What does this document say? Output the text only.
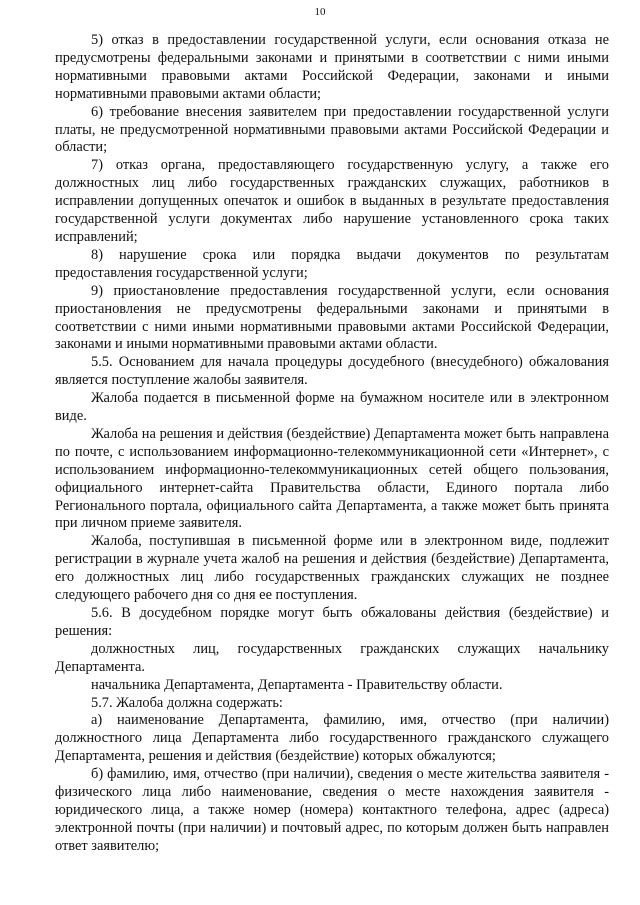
10

5) отказ в предоставлении государственной услуги, если основания отказа не предусмотрены федеральными законами и принятыми в соответствии с ними иными нормативными правовыми актами Российской Федерации, законами и иными нормативными правовыми актами области;

6) требование внесения заявителем при предоставлении государственной услуги платы, не предусмотренной нормативными правовыми актами Российской Федерации и области;

7) отказ органа, предоставляющего государственную услугу, а также его должностных лиц либо государственных гражданских служащих, работников в исправлении допущенных опечаток и ошибок в выданных в результате предоставления государственной услуги документах либо нарушение установленного срока таких исправлений;

8) нарушение срока или порядка выдачи документов по результатам предоставления государственной услуги;

9) приостановление предоставления государственной услуги, если основания приостановления не предусмотрены федеральными законами и принятыми в соответствии с ними иными нормативными правовыми актами Российской Федерации, законами и иными нормативными правовыми актами области.

5.5. Основанием для начала процедуры досудебного (внесудебного) обжалования является поступление жалобы заявителя.

Жалоба подается в письменной форме на бумажном носителе или в электронном виде.

Жалоба на решения и действия (бездействие) Департамента может быть направлена по почте, с использованием информационно-телекоммуникационной сети «Интернет», с использованием информационно-телекоммуникационных сетей общего пользования, официального интернет-сайта Правительства области, Единого портала либо Регионального портала, официального сайта Департамента, а также может быть принята при личном приеме заявителя.

Жалоба, поступившая в письменной форме или в электронном виде, подлежит регистрации в журнале учета жалоб на решения и действия (бездействие) Департамента, его должностных лиц либо государственных гражданских служащих не позднее следующего рабочего дня со дня ее поступления.

5.6. В досудебном порядке могут быть обжалованы действия (бездействие) и решения:

должностных лиц, государственных гражданских служащих начальнику Департамента.

начальника Департамента, Департамента - Правительству области.

5.7. Жалоба должна содержать:

а) наименование Департамента, фамилию, имя, отчество (при наличии) должностного лица Департамента либо государственного гражданского служащего Департамента, решения и действия (бездействие) которых обжалуются;

б) фамилию, имя, отчество (при наличии), сведения о месте жительства заявителя - физического лица либо наименование, сведения о месте нахождения заявителя - юридического лица, а также номер (номера) контактного телефона, адрес (адреса) электронной почты (при наличии) и почтовый адрес, по которым должен быть направлен ответ заявителю;
